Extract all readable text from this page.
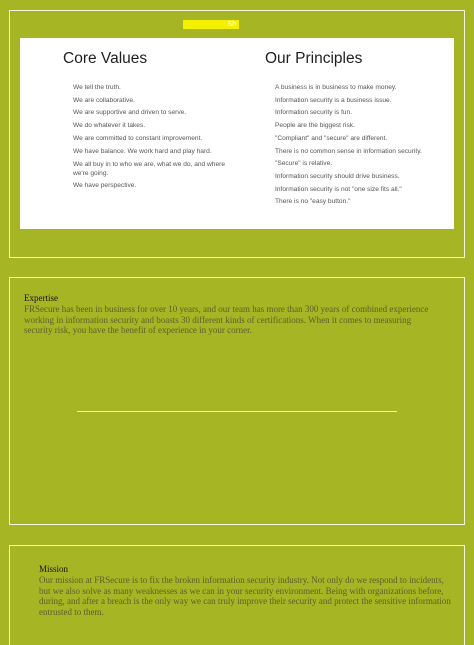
Sh
Core Values
We tell the truth.
We are collaborative.
We are supportive and driven to serve.
We do whatever it takes.
We are committed to constant improvement.
We have balance. We work hard and play hard.
We all buy in to who we are, what we do, and where we're going.
We have perspective.
Our Principles
A business is in business to make money.
Information security is a business issue.
Information security is fun.
People are the biggest risk.
"Compliant" and "secure" are different.
There is no common sense in information security.
"Secure" is relative.
Information security should drive business.
Information security is not "one size fits all."
There is no "easy button."
Expertise

FRSecure has been in business for over 10 years, and our team has more than 300 years of combined experience working in information security and boasts 30 different kinds of certifications. When it comes to measuring security risk, you have the benefit of experience in your corner.

Mission

Our mission at FRSecure is to fix the broken information security industry. Not only do we respond to incidents, but we also solve as many weaknesses as we can in your security environment. Being with organizations before, during, and after a breach is the only way we can truly improve their security and protect the sensitive information entrusted to them.
